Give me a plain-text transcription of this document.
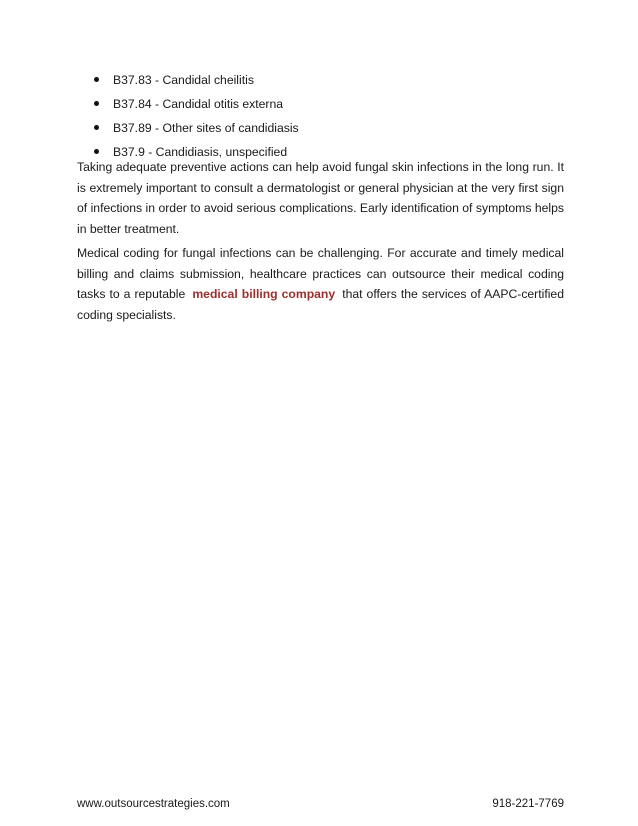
B37.83 - Candidal cheilitis
B37.84 - Candidal otitis externa
B37.89 - Other sites of candidiasis
B37.9 - Candidiasis, unspecified

Taking adequate preventive actions can help avoid fungal skin infections in the long run. It is extremely important to consult a dermatologist or general physician at the very first sign of infections in order to avoid serious complications. Early identification of symptoms helps in better treatment.

Medical coding for fungal infections can be challenging. For accurate and timely medical billing and claims submission, healthcare practices can outsource their medical coding tasks to a reputable medical billing company that offers the services of AAPC-certified coding specialists.

www.outsourcestrategies.com	918-221-7769
